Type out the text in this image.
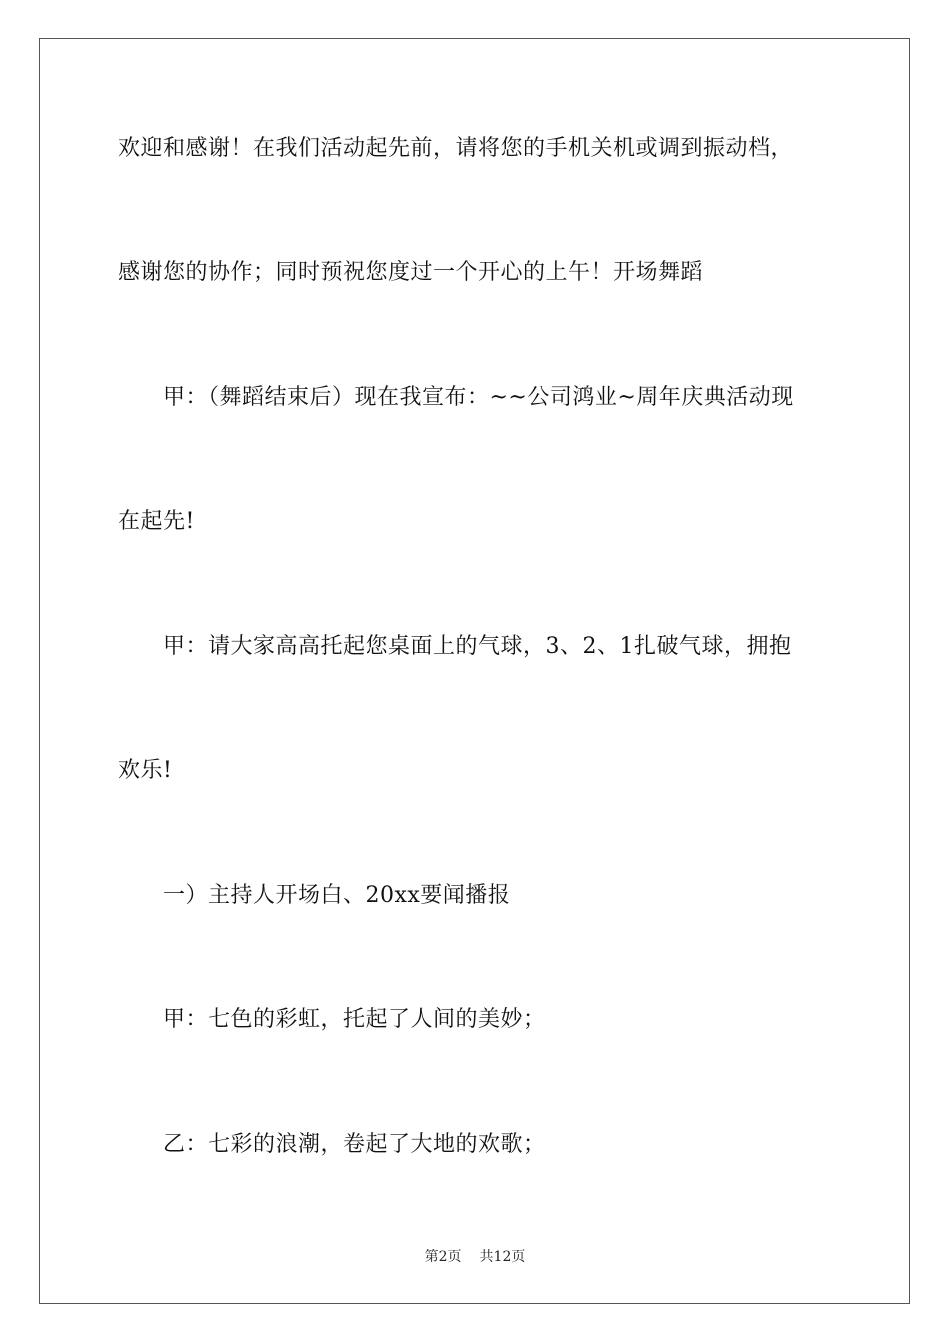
欢迎和感谢！在我们活动起先前，请将您的手机关机或调到振动档，

感谢您的协作；同时预祝您度过一个开心的上午！开场舞蹈

甲：（舞蹈结束后）现在我宣布：~~公司鸿业~周年庆典活动现

在起先!

甲：请大家高高托起您桌面上的气球，3、2、1扎破气球，拥抱

欢乐!

一）主持人开场白、20xx要闻播报

甲：七色的彩虹，托起了人间的美妙；

乙：七彩的浪潮，卷起了大地的欢歌；

第2页 共12页
